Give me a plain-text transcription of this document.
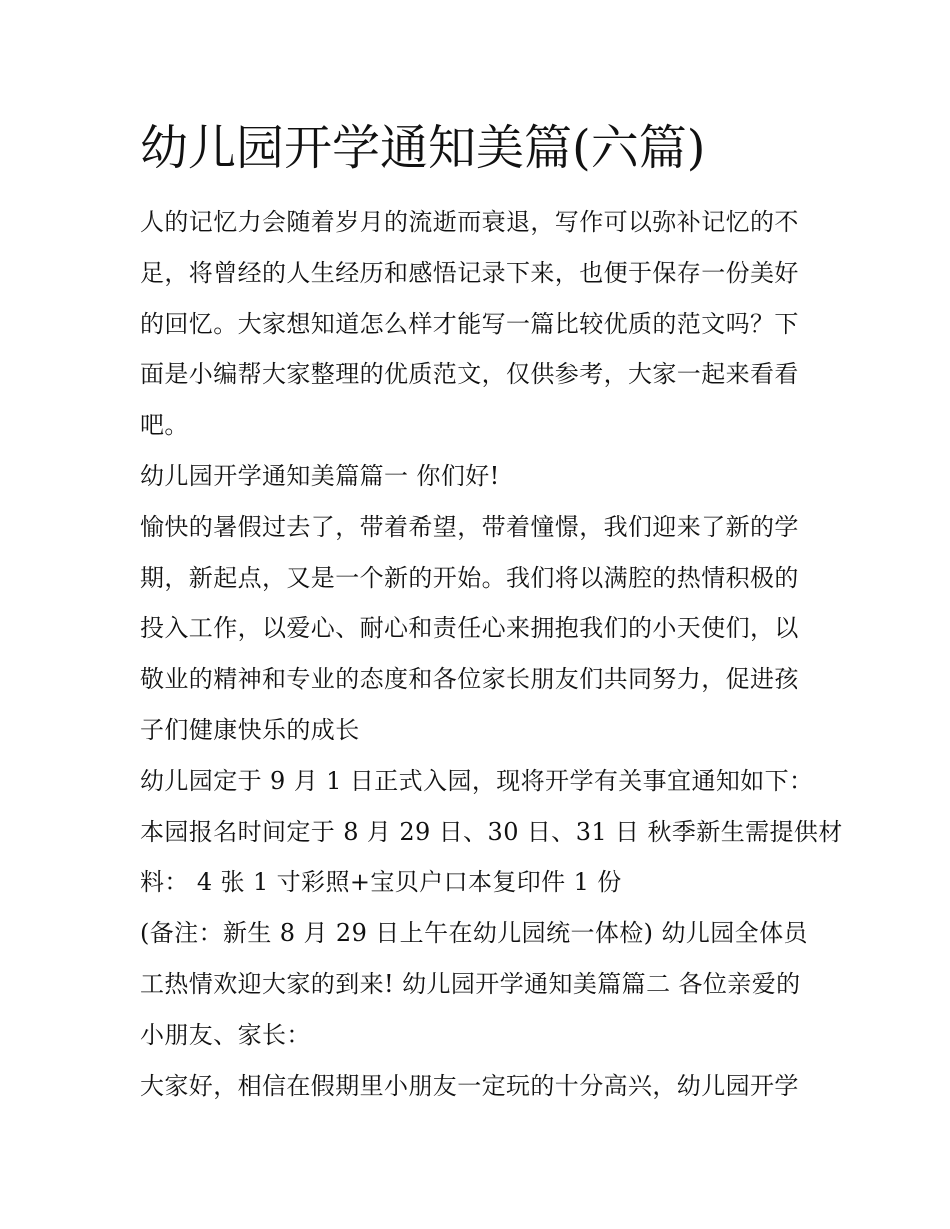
幼儿园开学通知美篇(六篇)
人的记忆力会随着岁月的流逝而衰退，写作可以弥补记忆的不
足，将曾经的人生经历和感悟记录下来，也便于保存一份美好
的回忆。大家想知道怎么样才能写一篇比较优质的范文吗？下
面是小编帮大家整理的优质范文，仅供参考，大家一起来看看
吧。
幼儿园开学通知美篇篇一 你们好!
愉快的暑假过去了，带着希望，带着憧憬，我们迎来了新的学
期，新起点，又是一个新的开始。我们将以满腔的热情积极的
投入工作，以爱心、耐心和责任心来拥抱我们的小天使们，以
敬业的精神和专业的态度和各位家长朋友们共同努力，促进孩
子们健康快乐的成长
幼儿园定于 9 月 1 日正式入园，现将开学有关事宜通知如下：
本园报名时间定于 8 月 29 日、30 日、31 日 秋季新生需提供材
料： 4 张 1 寸彩照+宝贝户口本复印件 1 份
(备注：新生 8 月 29 日上午在幼儿园统一体检) 幼儿园全体员
工热情欢迎大家的到来! 幼儿园开学通知美篇篇二 各位亲爱的
小朋友、家长：
大家好，相信在假期里小朋友一定玩的十分高兴，幼儿园开学
